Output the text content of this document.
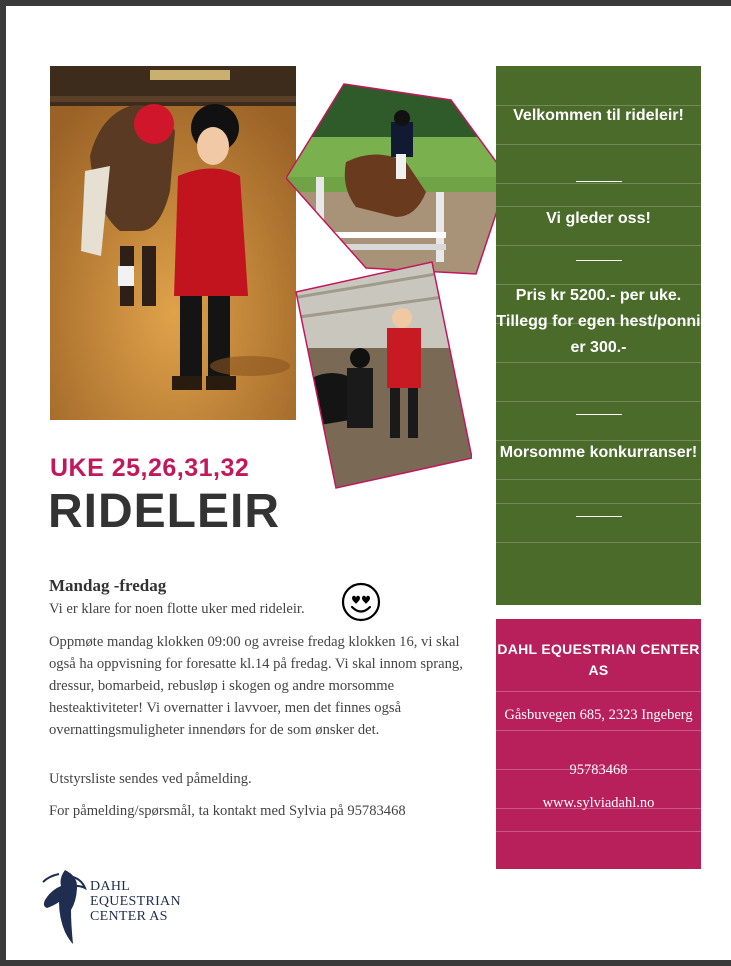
UKE 25,26,31,32
RIDELEIR
Mandag -fredag
Vi er klare for noen flotte uker med rideleir.
Oppmøte mandag klokken 09:00 og avreise fredag klokken 16, vi skal også ha oppvisning for foresatte kl.14 på fredag. Vi skal innom sprang, dressur, bomarbeid, rebusløp i skogen og andre morsomme hesteaktiviteter! Vi overnatter i lavvoer, men det finnes også overnattingsmuligheter innendørs for de som ønsker det.
Utstyrsliste sendes ved påmelding.
For påmelding/spørsmål, ta kontakt med Sylvia på 95783468
DAHL
EQUESTRIAN
CENTER AS
Velkommen til rideleir!
Vi gleder oss!
Pris kr 5200.- per uke. Tillegg for egen hest/ponni er 300.-
Morsomme konkurranser!
DAHL EQUESTRIAN CENTER AS
Gåsbuvegen 685, 2323 Ingeberg
95783468
www.sylviadahl.no
